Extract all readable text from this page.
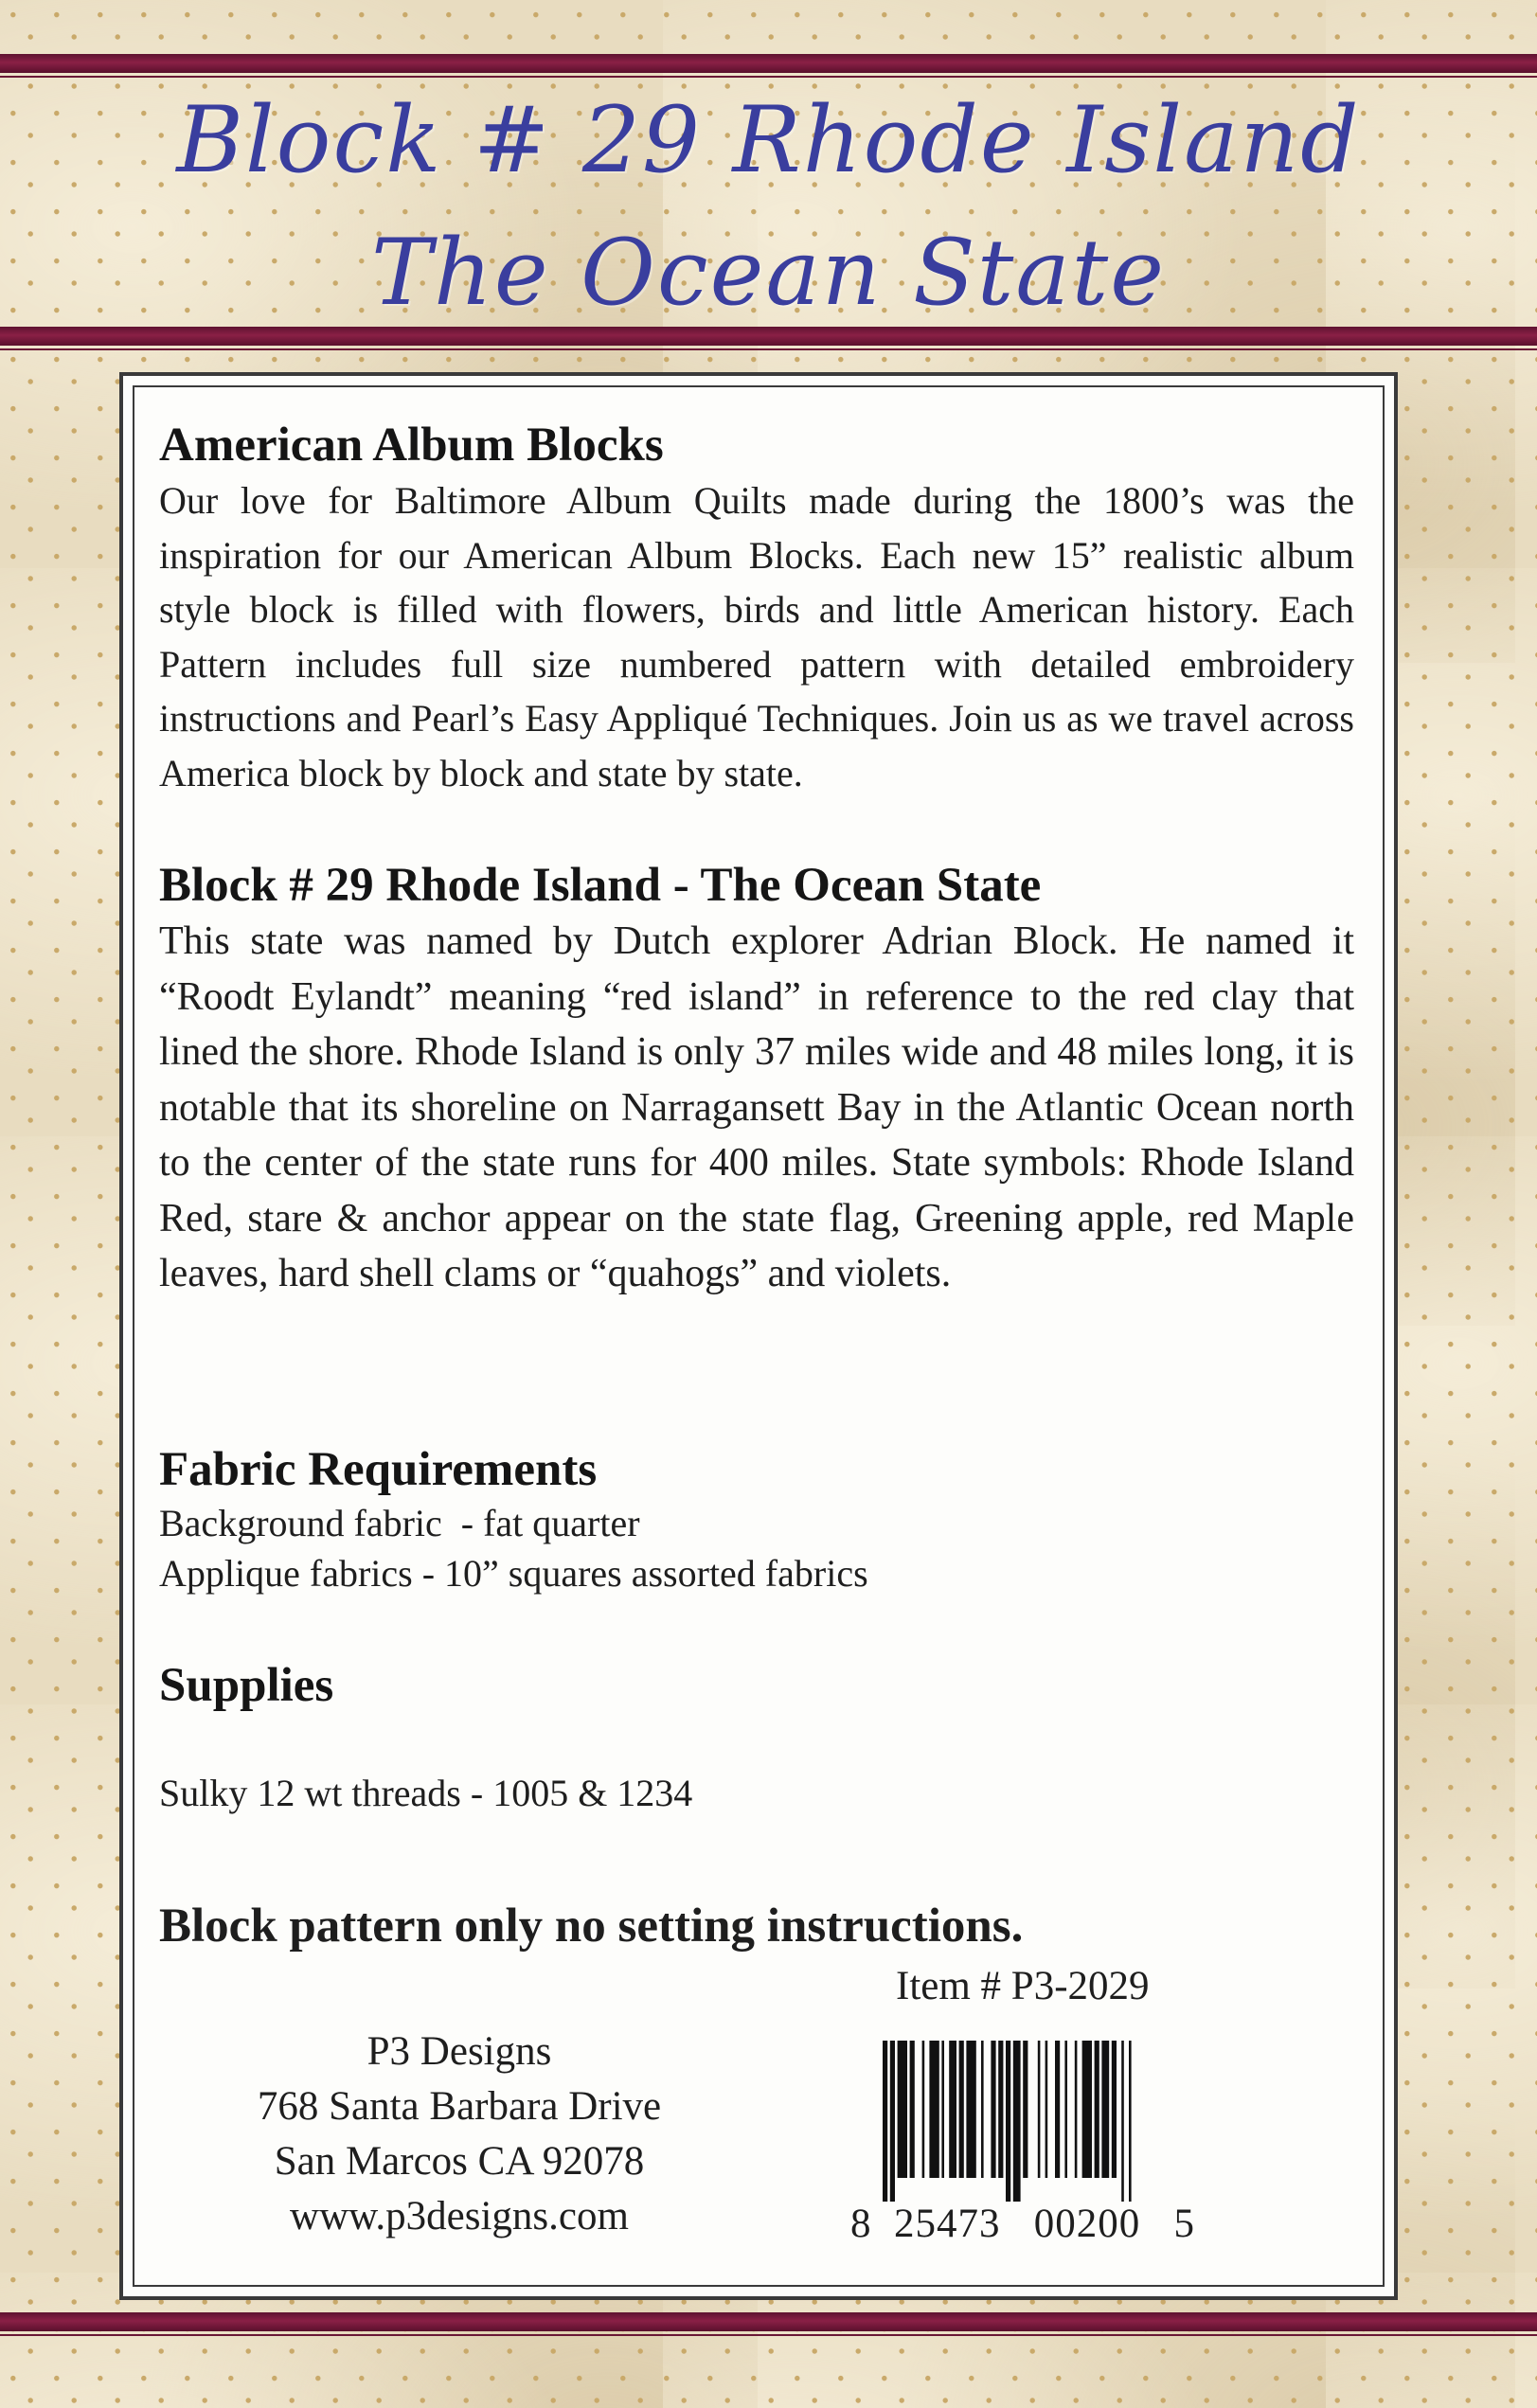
Block # 29 Rhode Island
The Ocean State
American Album Blocks

Our love for Baltimore Album Quilts made during the 1800’s was the inspiration for our American Album Blocks. Each new 15” realistic album style block is filled with flowers, birds and little American history. Each Pattern includes full size numbered pattern with detailed embroidery instructions and Pearl’s Easy Appliqué Techniques. Join us as we travel across America block by block and state by state.

Block # 29 Rhode Island - The Ocean State

This state was named by Dutch explorer Adrian Block. He named it “Roodt Eylandt” meaning “red island” in reference to the red clay that lined the shore. Rhode Island is only 37 miles wide and 48 miles long, it is notable that its shoreline on Narragansett Bay in the Atlantic Ocean north to the center of the state runs for 400 miles. State symbols: Rhode Island Red, stare & anchor appear on the state flag, Greening apple, red Maple leaves, hard shell clams or “quahogs” and violets.

Fabric Requirements

Background fabric  - fat quarter

Applique fabrics - 10” squares assorted fabrics

Supplies

Sulky 12 wt threads - 1005 & 1234

Block pattern only no setting instructions.

Item # P3-2029
P3 Designs
768 Santa Barbara Drive
San Marcos CA 92078
www.p3designs.com	8  25473   00200   5
